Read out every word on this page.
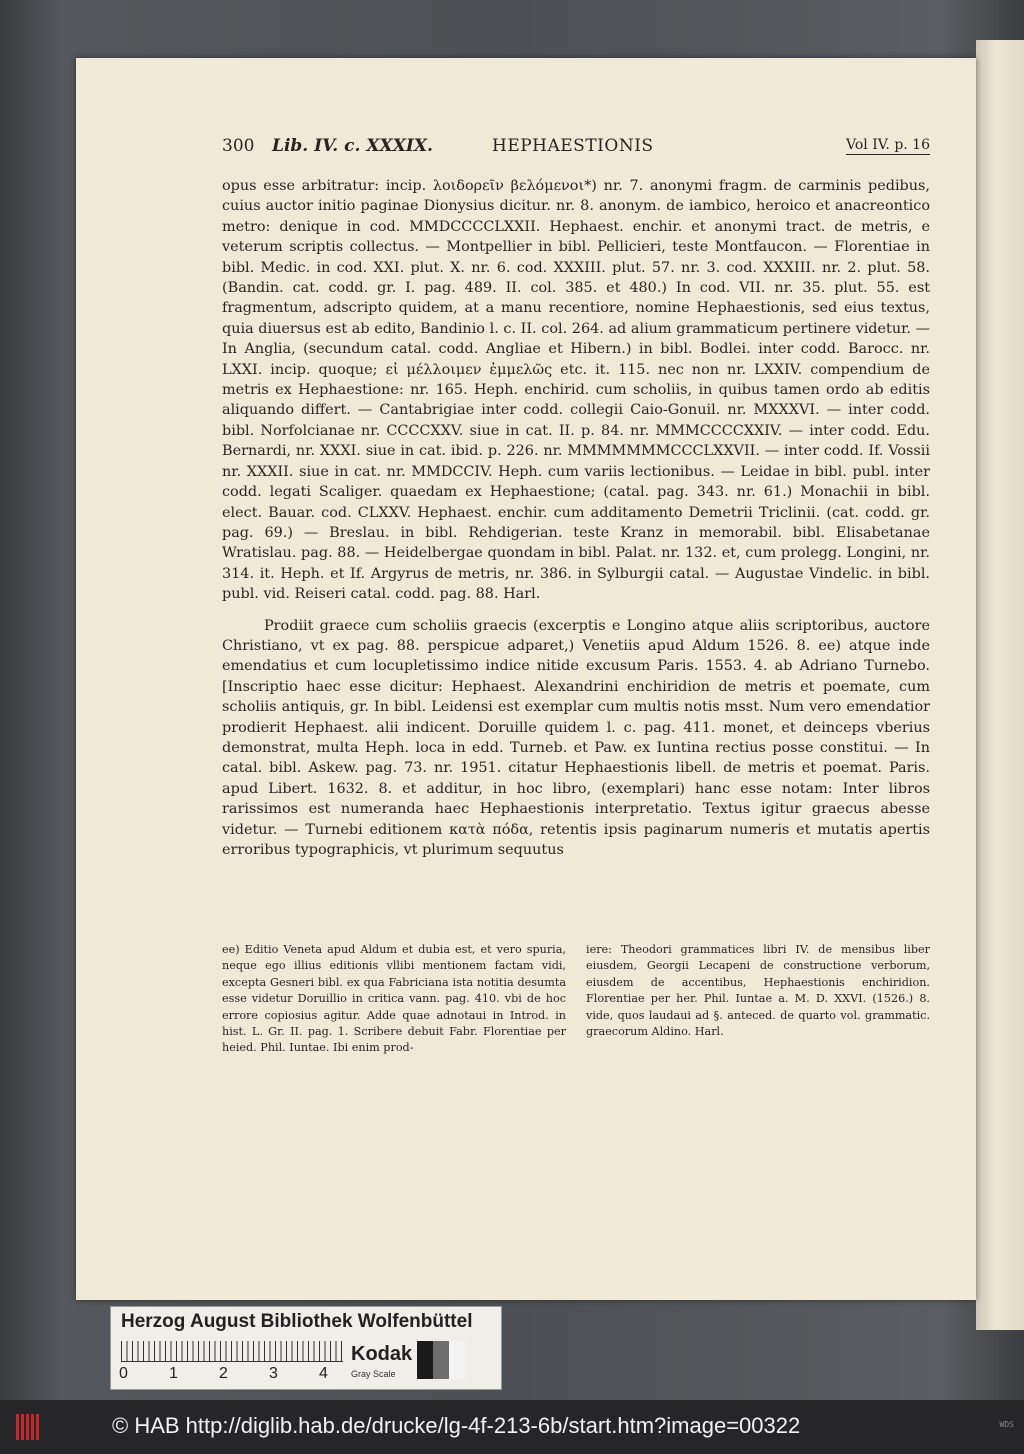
300 Lib. IV. c. XXXIX.	HEPHAESTIONIS	Vol IV. p. 16

opus esse arbitratur: incip. λοιδορεῖν βελόμενοι*) nr. 7. anonymi fragm. de carminis pedibus, cuius auctor initio paginae Dionysius dicitur. nr. 8. anonym. de iambico, heroico et anacreontico metro: denique in cod. MMDCCCCLXXII. Hephaest. enchir. et anonymi tract. de metris, e veterum scriptis collectus. — Montpellier in bibl. Pellicieri, teste Montfaucon. — Florentiae in bibl. Medic. in cod. XXI. plut. X. nr. 6. cod. XXXIII. plut. 57. nr. 3. cod. XXXIII. nr. 2. plut. 58. (Bandin. cat. codd. gr. I. pag. 489. II. col. 385. et 480.) In cod. VII. nr. 35. plut. 55. est fragmentum, adscripto quidem, at a manu recentiore, nomine Hephaestionis, sed eius textus, quia diuersus est ab edito, Bandinio l. c. II. col. 264. ad alium grammaticum pertinere videtur. — In Anglia, (secundum catal. codd. Angliae et Hibern.) in bibl. Bodlei. inter codd. Barocc. nr. LXXI. incip. quoque; εἰ μέλλοιμεν ἐμμελῶς etc. it. 115. nec non nr. LXXIV. compendium de metris ex Hephaestione: nr. 165. Heph. enchirid. cum scholiis, in quibus tamen ordo ab editis aliquando differt. — Cantabrigiae inter codd. collegii Caio-Gonuil. nr. MXXXVI. — inter codd. bibl. Norfolcianae nr. CCCCXXV. siue in cat. II. p. 84. nr. MMMCCCCXXIV. — inter codd. Edu. Bernardi, nr. XXXI. siue in cat. ibid. p. 226. nr. MMMMMMMCCCLXXVII. — inter codd. If. Vossii nr. XXXII. siue in cat. nr. MMDCCIV. Heph. cum variis lectionibus. — Leidae in bibl. publ. inter codd. legati Scaliger. quaedam ex Hephaestione; (catal. pag. 343. nr. 61.) Monachii in bibl. elect. Bauar. cod. CLXXV. Hephaest. enchir. cum additamento Demetrii Triclinii. (cat. codd. gr. pag. 69.) — Breslau. in bibl. Rehdigerian. teste Kranz in memorabil. bibl. Elisabetanae Wratislau. pag. 88. — Heidelbergae quondam in bibl. Palat. nr. 132. et, cum prolegg. Longini, nr. 314. it. Heph. et If. Argyrus de metris, nr. 386. in Sylburgii catal. — Augustae Vindelic. in bibl. publ. vid. Reiseri catal. codd. pag. 88. Harl.

Prodiit graece cum scholiis graecis (excerptis e Longino atque aliis scriptoribus, auctore Christiano, vt ex pag. 88. perspicue adparet,) Venetiis apud Aldum 1526. 8. ee) atque inde emendatius et cum locupletissimo indice nitide excusum Paris. 1553. 4. ab Adriano Turnebo. [Inscriptio haec esse dicitur: Hephaest. Alexandrini enchiridion de metris et poemate, cum scholiis antiquis, gr. In bibl. Leidensi est exemplar cum multis notis msst. Num vero emendatior prodierit Hephaest. alii indicent. Doruille quidem l. c. pag. 411. monet, et deinceps vberius demonstrat, multa Heph. loca in edd. Turneb. et Paw. ex Iuntina rectius posse constitui. — In catal. bibl. Askew. pag. 73. nr. 1951. citatur Hephaestionis libell. de metris et poemat. Paris. apud Libert. 1632. 8. et additur, in hoc libro, (exemplari) hanc esse notam: Inter libros rarissimos est numeranda haec Hephaestionis interpretatio. Textus igitur graecus abesse videtur. — Turnebi editionem κατὰ πόδα, retentis ipsis paginarum numeris et mutatis apertis erroribus typographicis, vt plurimum sequutus

ee) Editio Veneta apud Aldum et dubia est, et vero spuria, neque ego illius editionis vllibi mentionem factam vidi, excepta Gesneri bibl. ex qua Fabriciana ista notitia desumta esse videtur Doruillio in critica vann. pag. 410. vbi de hoc errore copiosius agitur. Adde quae adnotaui in Introd. in hist. L. Gr. II. pag. 1. Scribere debuit Fabr. Florentiae per heied. Phil. Iuntae. Ibi enim prod-
iere: Theodori grammatices libri IV. de mensibus liber eiusdem, Georgii Lecapeni de constructione verborum, eiusdem de accentibus, Hephaestionis enchiridion. Florentiae per her. Phil. Iuntae a. M. D. XXVI. (1526.) 8. vide, quos laudaui ad §. anteced. de quarto vol. grammatic. graecorum Aldino. Harl.
Herzog August Bibliothek Wolfenbüttel
0	1	2	3	4
Kodak
Gray Scale
© HAB http://diglib.hab.de/drucke/lg-4f-213-6b/start.htm?image=00322	WDS
